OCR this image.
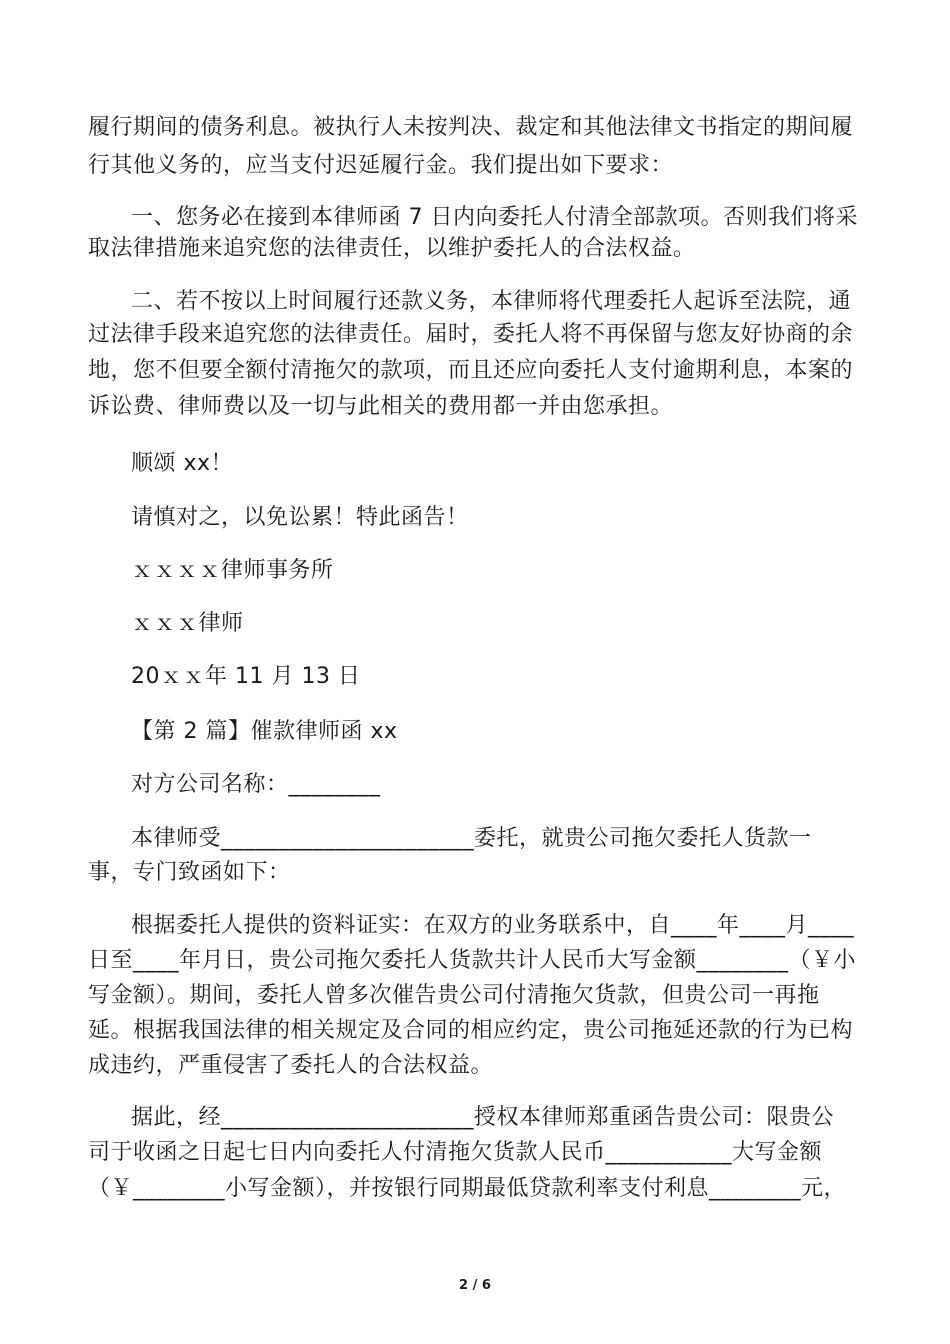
履行期间的债务利息。被执行人未按判决、裁定和其他法律文书指定的期间履
行其他义务的，应当支付迟延履行金。我们提出如下要求：
一、您务必在接到本律师函 7 日内向委托人付清全部款项。否则我们将采
取法律措施来追究您的法律责任，以维护委托人的合法权益。
二、若不按以上时间履行还款义务，本律师将代理委托人起诉至法院，通
过法律手段来追究您的法律责任。届时，委托人将不再保留与您友好协商的余
地，您不但要全额付清拖欠的款项，而且还应向委托人支付逾期利息，本案的
诉讼费、律师费以及一切与此相关的费用都一并由您承担。
顺颂 xx！
请慎对之，以免讼累！特此函告！
ｘｘｘｘ律师事务所
ｘｘｘ律师
20ｘｘ年 11 月 13 日
【第 2 篇】催款律师函 xx
对方公司名称：________
本律师受______________________委托，就贵公司拖欠委托人货款一
事，专门致函如下：
根据委托人提供的资料证实：在双方的业务联系中，自____年____月____
日至____年月日，贵公司拖欠委托人货款共计人民币大写金额________（￥小
写金额）。期间，委托人曾多次催告贵公司付清拖欠货款，但贵公司一再拖
延。根据我国法律的相关规定及合同的相应约定，贵公司拖延还款的行为已构
成违约，严重侵害了委托人的合法权益。
据此，经______________________授权本律师郑重函告贵公司：限贵公
司于收函之日起七日内向委托人付清拖欠货款人民币___________大写金额
（￥________小写金额），并按银行同期最低贷款利率支付利息________元，
2 / 6
